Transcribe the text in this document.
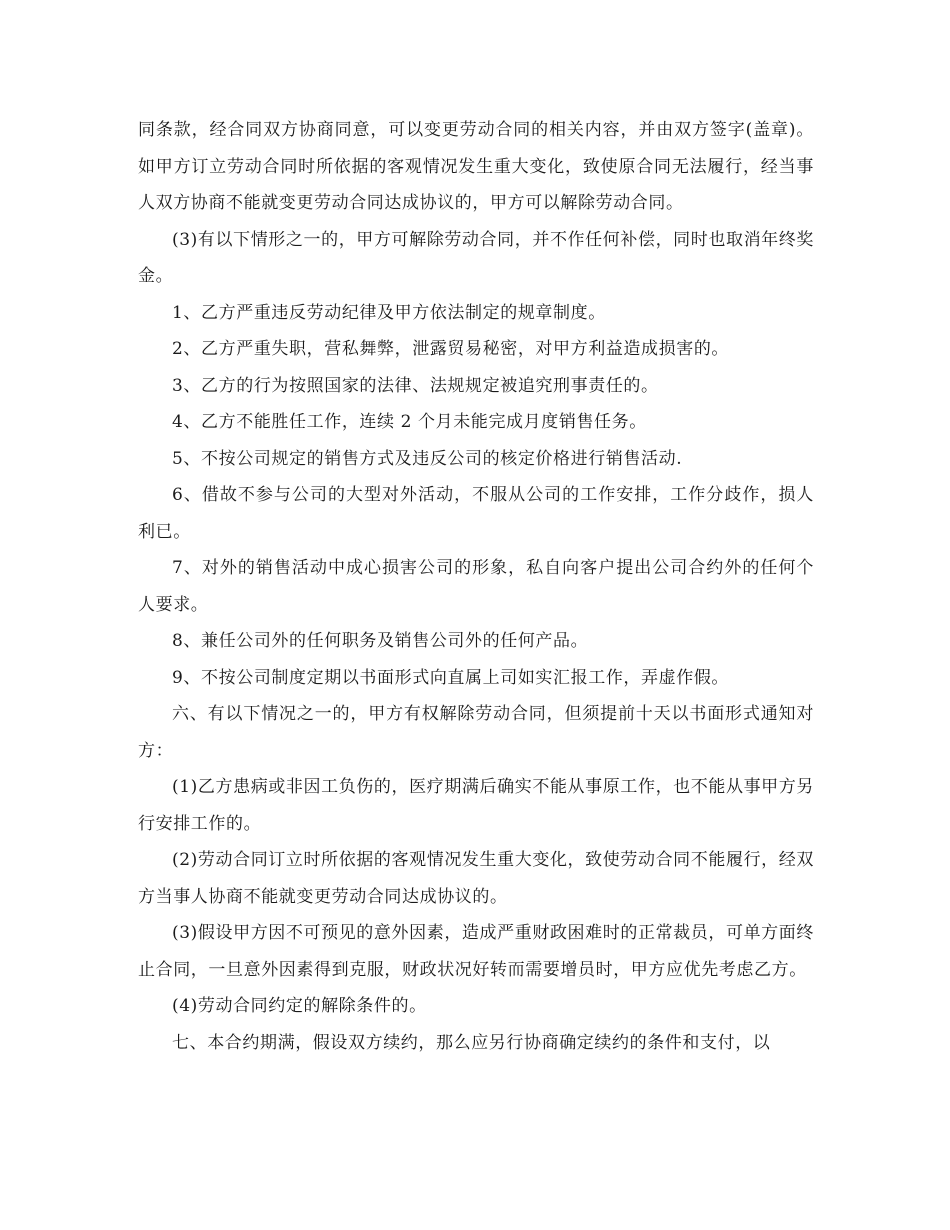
同条款，经合同双方协商同意，可以变更劳动合同的相关内容，并由双方签字(盖章)。如甲方订立劳动合同时所依据的客观情况发生重大变化，致使原合同无法履行，经当事人双方协商不能就变更劳动合同达成协议的，甲方可以解除劳动合同。

(3)有以下情形之一的，甲方可解除劳动合同，并不作任何补偿，同时也取消年终奖金。

1、乙方严重违反劳动纪律及甲方依法制定的规章制度。

2、乙方严重失职，营私舞弊，泄露贸易秘密，对甲方利益造成损害的。

3、乙方的行为按照国家的法律、法规规定被追究刑事责任的。

4、乙方不能胜任工作，连续 2 个月未能完成月度销售任务。

5、不按公司规定的销售方式及违反公司的核定价格进行销售活动.

6、借故不参与公司的大型对外活动，不服从公司的工作安排，工作分歧作，损人利已。

7、对外的销售活动中成心损害公司的形象，私自向客户提出公司合约外的任何个人要求。

8、兼任公司外的任何职务及销售公司外的任何产品。

9、不按公司制度定期以书面形式向直属上司如实汇报工作，弄虚作假。

六、有以下情况之一的，甲方有权解除劳动合同，但须提前十天以书面形式通知对方：

(1)乙方患病或非因工负伤的，医疗期满后确实不能从事原工作，也不能从事甲方另行安排工作的。

(2)劳动合同订立时所依据的客观情况发生重大变化，致使劳动合同不能履行，经双方当事人协商不能就变更劳动合同达成协议的。

(3)假设甲方因不可预见的意外因素，造成严重财政困难时的正常裁员，可单方面终止合同，一旦意外因素得到克服，财政状况好转而需要增员时，甲方应优先考虑乙方。

(4)劳动合同约定的解除条件的。

七、本合约期满，假设双方续约，那么应另行协商确定续约的条件和支付，以
